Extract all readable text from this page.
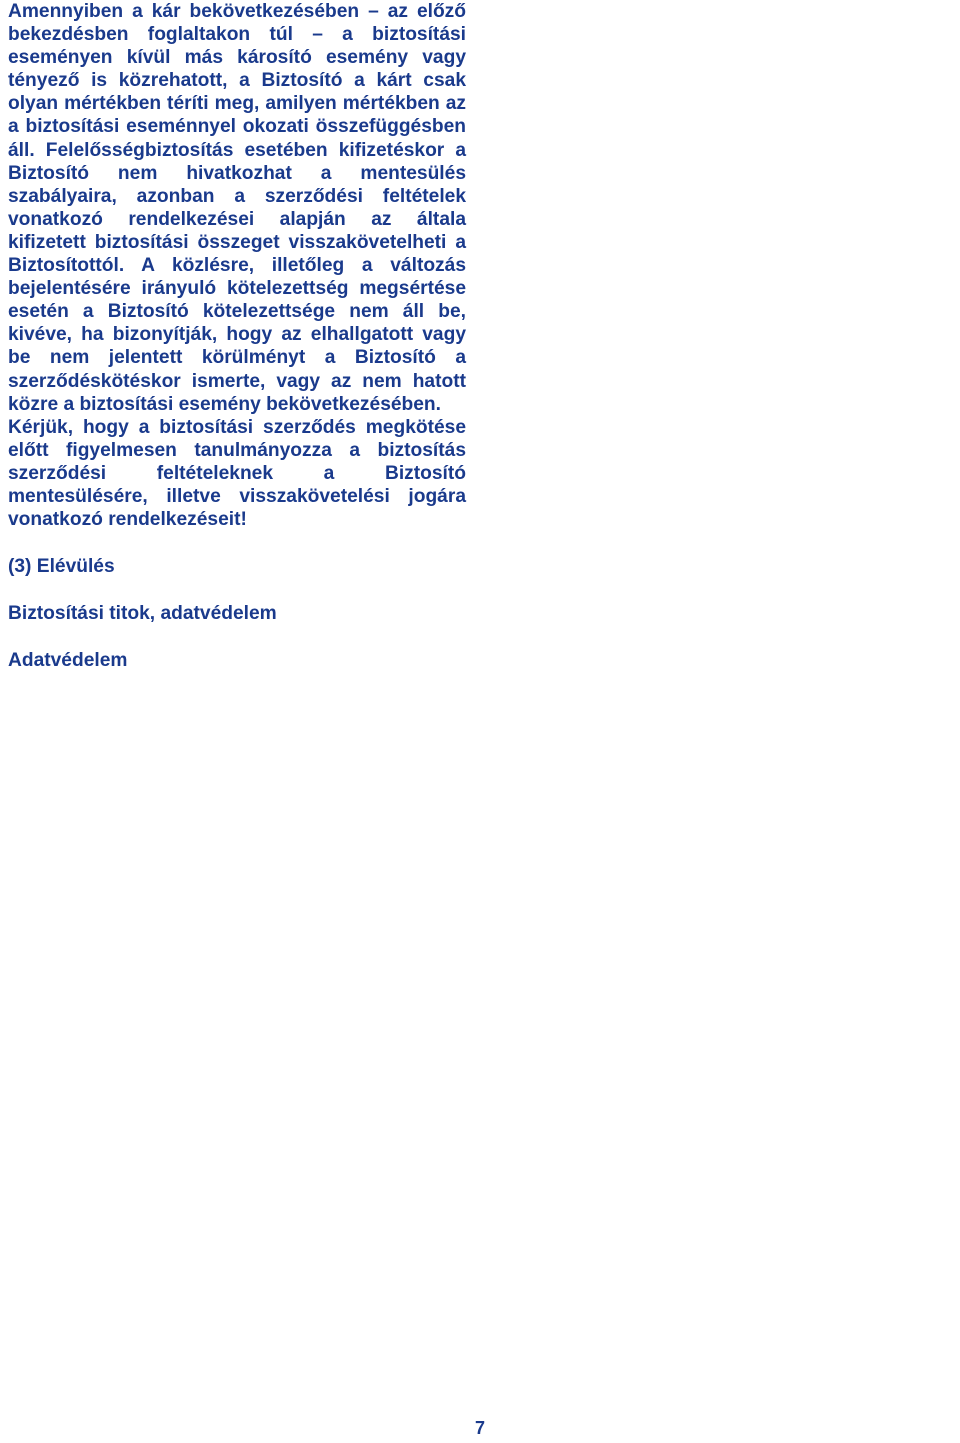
Amennyiben a kár bekövetkezésében – az előző bekezdésben foglaltakon túl – a biztosítási eseményen kívül más károsító esemény vagy tényező is közrehatott, a Biztosító a kárt csak olyan mértékben téríti meg, amilyen mértékben az a biztosítási eseménnyel okozati összefüggésben áll. Felelősségbiztosítás esetében kifizetéskor a Biztosító nem hivatkozhat a mentesülés szabályaira, azonban a szerződési feltételek vonatkozó rendelkezései alapján az általa kifizetett biztosítási összeget visszakövetelheti a Biztosítottól. A közlésre, illetőleg a változás bejelentésére irányuló kötelezettség megsértése esetén a Biztosító kötelezettsége nem áll be, kivéve, ha bizonyítják, hogy az elhallgatott vagy be nem jelentett körülményt a Biztosító a szerződéskötéskor ismerte, vagy az nem hatott közre a biztosítási esemény bekövetkezésében.

Kérjük, hogy a biztosítási szerződés megkötése előtt figyelmesen tanulmányozza a biztosítás szerződési feltételeknek a Biztosító mentesülésére, illetve visszakövetelési jogára vonatkozó rendelkezéseit!

(3) Elévülés

Biztosítási titok, adatvédelem

Adatvédelem

7
